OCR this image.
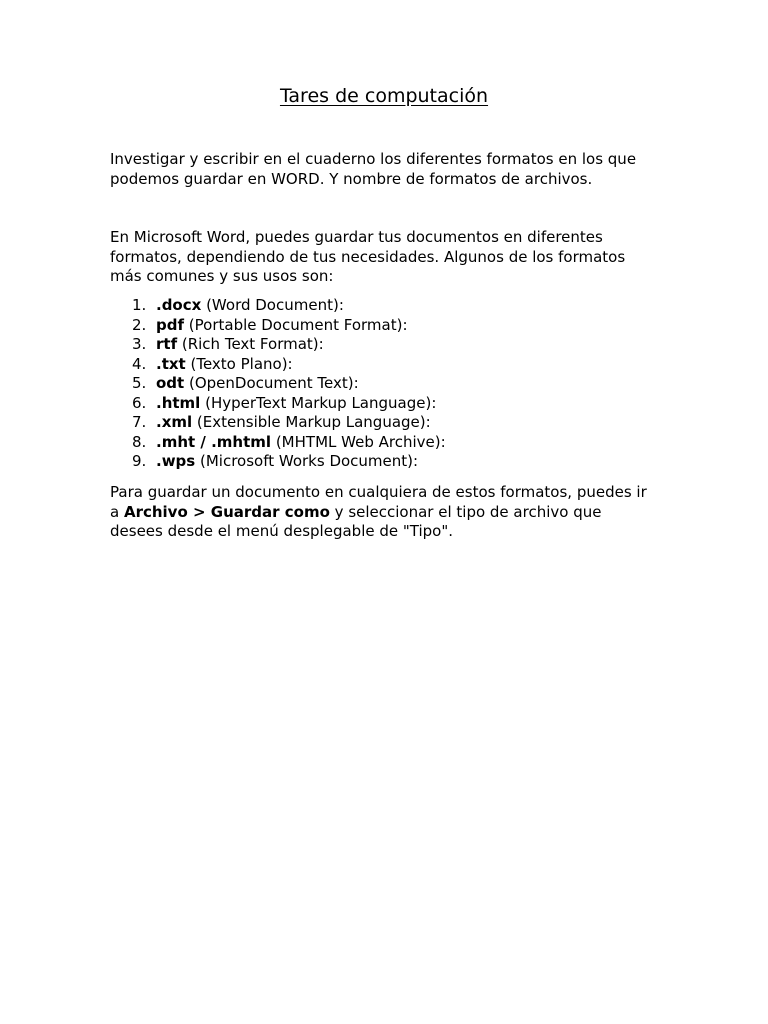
Tares de computación

Investigar y escribir en el cuaderno los diferentes formatos en los que podemos guardar en WORD. Y nombre de formatos de archivos.

En Microsoft Word, puedes guardar tus documentos en diferentes formatos, dependiendo de tus necesidades. Algunos de los formatos más comunes y sus usos son:

1. .docx (Word Document):
2. pdf (Portable Document Format):
3. rtf (Rich Text Format):
4. .txt (Texto Plano):
5. odt (OpenDocument Text):
6. .html (HyperText Markup Language):
7. .xml (Extensible Markup Language):
8. .mht / .mhtml (MHTML Web Archive):
9. .wps (Microsoft Works Document):

Para guardar un documento en cualquiera de estos formatos, puedes ir a Archivo > Guardar como y seleccionar el tipo de archivo que desees desde el menú desplegable de "Tipo".
